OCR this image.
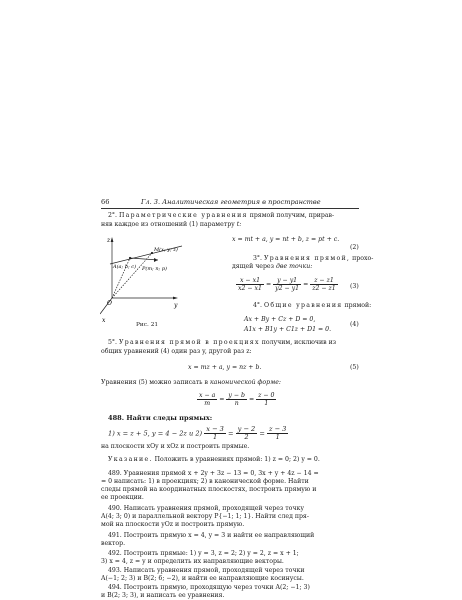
66	Гл. 3. Аналитическая геометрия в пространстве
2°. Параметрические уравнения прямой получим, прирав-
няв каждое из отношений (1) параметру t:
x = mt + a, y = nt + b, z = pt + c.
(2)
z
y
x
O
M(x; y; z)
A(a; b; c) P(m; n; p)
Рис. 21
3°. Уравнения прямой, прохо-
дящей через две точки:
$\frac{x - x1}{x2 - x1} = \frac{y - y1}{y2 - y1} = \frac{z - z1}{z2 - z1} (3)$
4°. Общие уравнения прямой:
Ax + By + Cz + D = 0,
A1x + B1y + C1z + D1 = 0.
(4)
5°. Уравнения прямой в проекциях получим, исключив из
общих уравнений (4) один раз y, другой раз z:
x = mz + a, y = nz + b.	(5)
Уравнения (5) можно записать в канонической форме:
$\frac{x - a}{m} = \frac{y - b}{n} = \frac{z - 0}{1}$
488. Найти следы прямых:
1) x = z + 5, y = 4 − 2z и $2) \frac{x - 3}{1} = \frac{y - 2}{2} = \frac{z - 3}{1}$
на плоскости xOy и xOz и построить прямые.
Указание. Положить в уравнениях прямой: 1) z = 0; 2) y = 0.
489. Уравнения прямой x + 2y + 3z − 13 = 0, 3x + y + 4z − 14 =
= 0 написать: 1) в проекциях; 2) в канонической форме. Найти
следы прямой на координатных плоскостях, построить прямую и
ее проекции.
490. Написать уравнения прямой, проходящей через точку
A(4; 3; 0) и параллельной вектору P{−1; 1; 1}. Найти след пря-
мой на плоскости yOz и построить прямую.
491. Построить прямую x = 4, y = 3 и найти ее направляющий
вектор.
492. Построить прямые: 1) y = 3, z = 2; 2) y = 2, z = x + 1;
3) x = 4, z = y и определить их направляющие векторы.
493. Написать уравнения прямой, проходящей через точки
A(−1; 2; 3) и B(2; 6; −2), и найти ее направляющие косинусы.
494. Построить прямую, проходящую через точки A(2; −1; 3)
и B(2; 3; 3), и написать ее уравнения.
